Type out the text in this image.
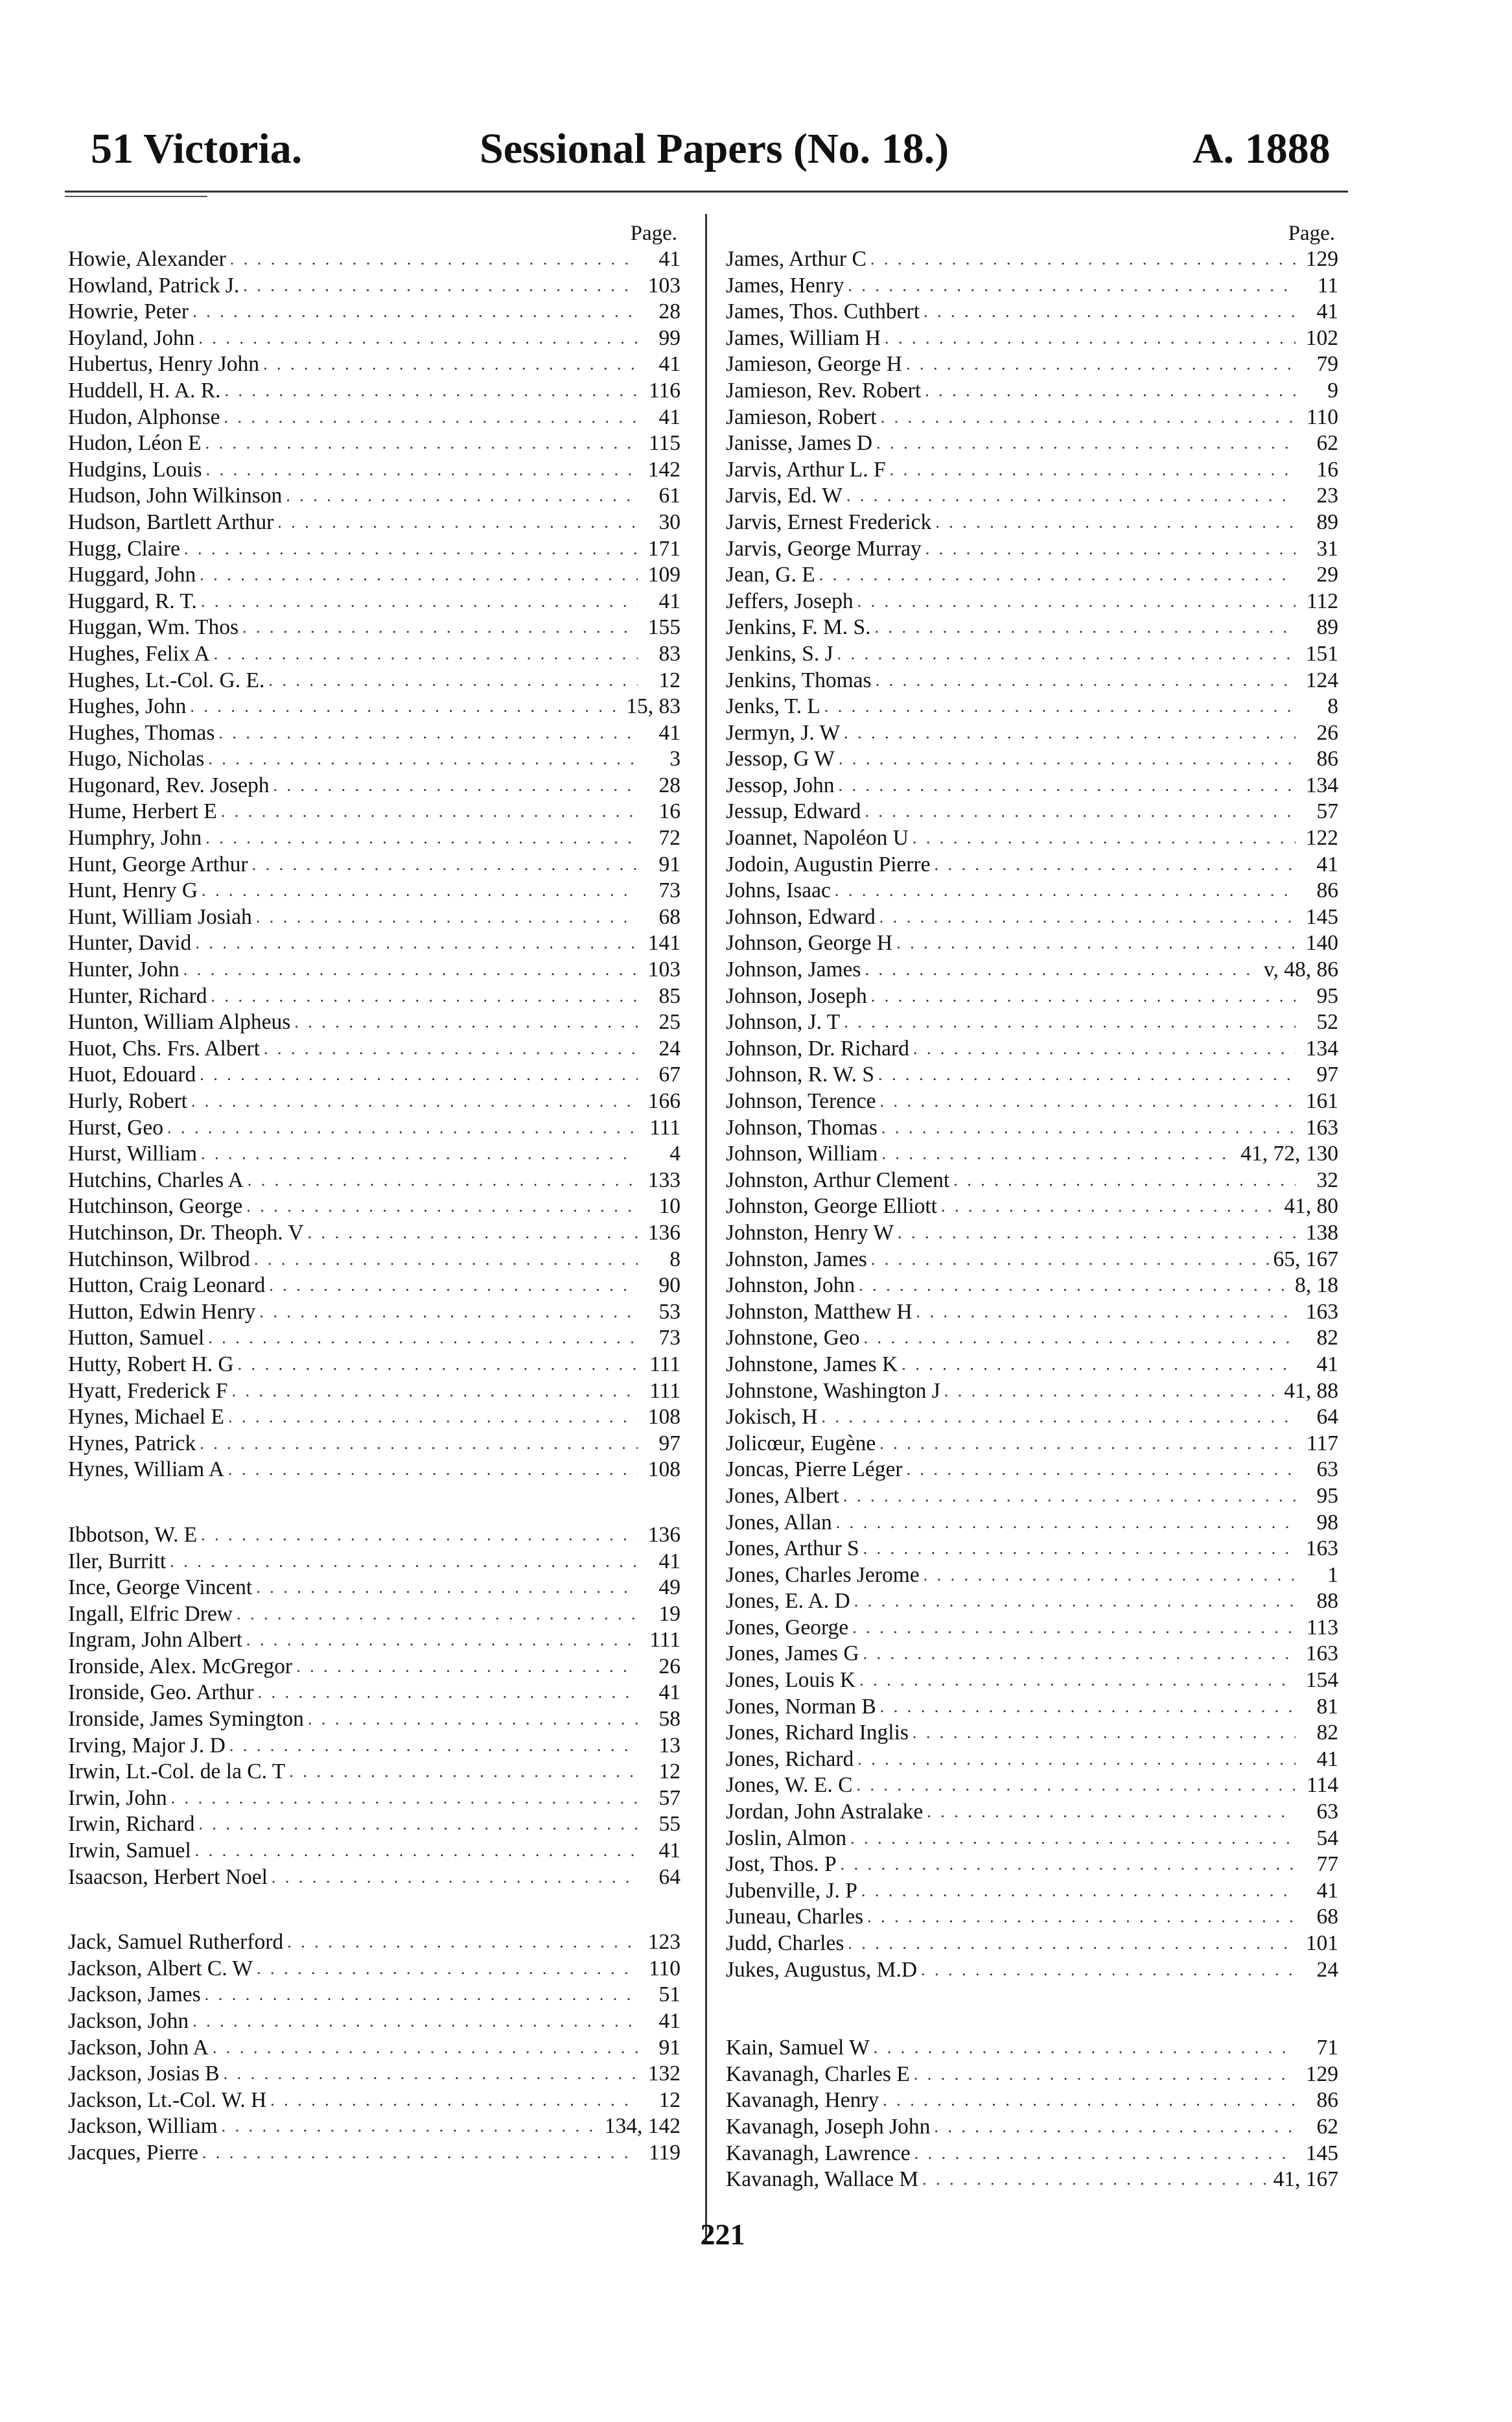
51 Victoria.	Sessional Papers (No. 18.)	A. 1888
Page.
Howie, Alexander . . .	41
Howland, Patrick J. . . .	103
Howrie, Peter . . .	28
Hoyland, John . . .	99
Hubertus, Henry John . . .	41
Huddell, H. A. R. . . .	116
Hudon, Alphonse . . .	41
Hudon, Léon E . . .	115
Hudgins, Louis . . .	142
Hudson, John Wilkinson . . .	61
Hudson, Bartlett Arthur . . .	30
Hugg, Claire . . .	171
Huggard, John . . .	109
Huggard, R. T. . . .	41
Huggan, Wm. Thos . . .	155
Hughes, Felix A . . .	83
Hughes, Lt.-Col. G. E. . . .	12
Hughes, John . . .	15, 83
Hughes, Thomas . . .	41
Hugo, Nicholas . . .	3
Hugonard, Rev. Joseph . . .	28
Hume, Herbert E . . .	16
Humphry, John . . .	72
Hunt, George Arthur . . .	91
Hunt, Henry G . . .	73
Hunt, William Josiah . . .	68
Hunter, David . . .	141
Hunter, John . . .	103
Hunter, Richard . . .	85
Hunton, William Alpheus . . .	25
Huot, Chs. Frs. Albert . . .	24
Huot, Edouard . . .	67
Hurly, Robert . . .	166
Hurst, Geo . . .	111
Hurst, William . . .	4
Hutchins, Charles A . . .	133
Hutchinson, George . . .	10
Hutchinson, Dr. Theoph. V . . .	136
Hutchinson, Wilbrod . . .	8
Hutton, Craig Leonard . . .	90
Hutton, Edwin Henry . . .	53
Hutton, Samuel . . .	73
Hutty, Robert H. G . . .	111
Hyatt, Frederick F . . .	111
Hynes, Michael E . . .	108
Hynes, Patrick . . .	97
Hynes, William A . . .	108
Ibbotson, W. E . . .	136
Iler, Burritt . . .	41
Ince, George Vincent . . .	49
Ingall, Elfric Drew . . .	19
Ingram, John Albert . . .	111
Ironside, Alex. McGregor . . .	26
Ironside, Geo. Arthur . . .	41
Ironside, James Symington . . .	58
Irving, Major J. D . . .	13
Irwin, Lt.-Col. de la C. T . . .	12
Irwin, John . . .	57
Irwin, Richard . . .	55
Irwin, Samuel . . .	41
Isaacson, Herbert Noel . . .	64
Jack, Samuel Rutherford . . .	123
Jackson, Albert C. W . . .	110
Jackson, James . . .	51
Jackson, John . . .	41
Jackson, John A . . .	91
Jackson, Josias B . . .	132
Jackson, Lt.-Col. W. H . . .	12
Jackson, William . . .	134, 142
Jacques, Pierre . . .	119
Page.
James, Arthur C . . .	129
James, Henry . . .	11
James, Thos. Cuthbert . . .	41
James, William H . . .	102
Jamieson, George H . . .	79
Jamieson, Rev. Robert . . .	9
Jamieson, Robert . . .	110
Janisse, James D . . .	62
Jarvis, Arthur L. F . . .	16
Jarvis, Ed. W . . .	23
Jarvis, Ernest Frederick . . .	89
Jarvis, George Murray . . .	31
Jean, G. E . . .	29
Jeffers, Joseph . . .	112
Jenkins, F. M. S. . . .	89
Jenkins, S. J . . .	151
Jenkins, Thomas . . .	124
Jenks, T. L . . .	8
Jermyn, J. W . . .	26
Jessop, G W . . .	86
Jessop, John . . .	134
Jessup, Edward . . .	57
Joannet, Napoléon U . . .	122
Jodoin, Augustin Pierre . . .	41
Johns, Isaac . . .	86
Johnson, Edward . . .	145
Johnson, George H . . .	140
Johnson, James . . .	v, 48, 86
Johnson, Joseph . . .	95
Johnson, J. T . . .	52
Johnson, Dr. Richard . . .	134
Johnson, R. W. S . . .	97
Johnson, Terence . . .	161
Johnson, Thomas . . .	163
Johnson, William . . .	41, 72, 130
Johnston, Arthur Clement . . .	32
Johnston, George Elliott . . .	41, 80
Johnston, Henry W . . .	138
Johnston, James . . .	65, 167
Johnston, John . . .	8, 18
Johnston, Matthew H . . .	163
Johnstone, Geo . . .	82
Johnstone, James K . . .	41
Johnstone, Washington J . . .	41, 88
Jokisch, H . . .	64
Jolicœur, Eugène . . .	117
Joncas, Pierre Léger . . .	63
Jones, Albert . . .	95
Jones, Allan . . .	98
Jones, Arthur S . . .	163
Jones, Charles Jerome . . .	1
Jones, E. A. D . . .	88
Jones, George . . .	113
Jones, James G . . .	163
Jones, Louis K . . .	154
Jones, Norman B . . .	81
Jones, Richard Inglis . . .	82
Jones, Richard . . .	41
Jones, W. E. C . . .	114
Jordan, John Astralake . . .	63
Joslin, Almon . . .	54
Jost, Thos. P . . .	77
Jubenville, J. P . . .	41
Juneau, Charles . . .	68
Judd, Charles . . .	101
Jukes, Augustus, M.D . . .	24
Kain, Samuel W . . .	71
Kavanagh, Charles E . . .	129
Kavanagh, Henry . . .	86
Kavanagh, Joseph John . . .	62
Kavanagh, Lawrence . . .	145
Kavanagh, Wallace M . . .	41, 167
221
